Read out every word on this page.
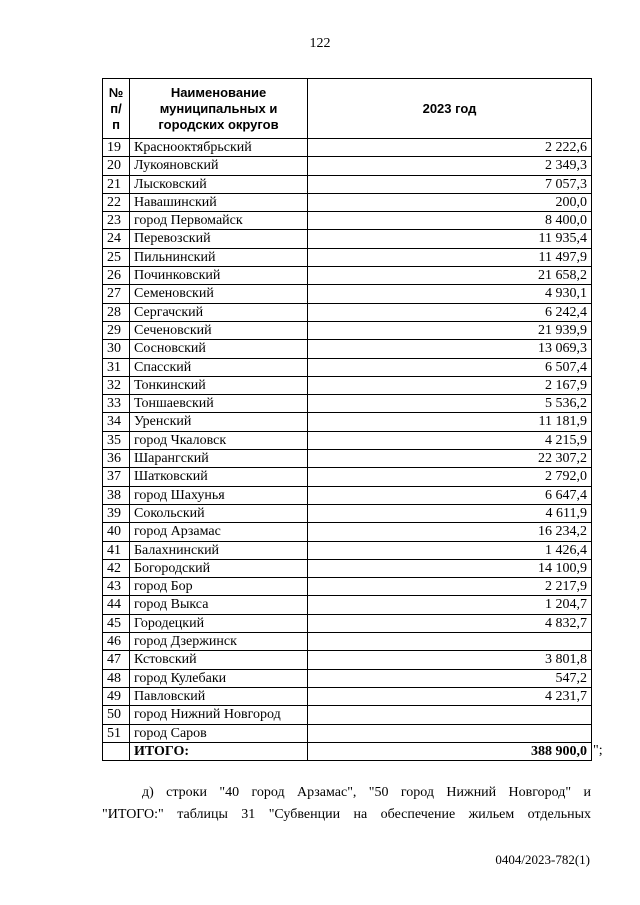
122
№ п/п	Наименование муниципальных и городских округов	2023 год
19	Краснооктябрьский	2 222,6
20	Лукояновский	2 349,3
21	Лысковский	7 057,3
22	Навашинский	200,0
23	город Первомайск	8 400,0
24	Перевозский	11 935,4
25	Пильнинский	11 497,9
26	Починковский	21 658,2
27	Семеновский	4 930,1
28	Сергачский	6 242,4
29	Сеченовский	21 939,9
30	Сосновский	13 069,3
31	Спасский	6 507,4
32	Тонкинский	2 167,9
33	Тоншаевский	5 536,2
34	Уренский	11 181,9
35	город Чкаловск	4 215,9
36	Шарангский	22 307,2
37	Шатковский	2 792,0
38	город Шахунья	6 647,4
39	Сокольский	4 611,9
40	город Арзамас	16 234,2
41	Балахнинский	1 426,4
42	Богородский	14 100,9
43	город Бор	2 217,9
44	город Выкса	1 204,7
45	Городецкий	4 832,7
46	город Дзержинск	
47	Кстовский	3 801,8
48	город Кулебаки	547,2
49	Павловский	4 231,7
50	город Нижний Новгород	
51	город Саров	
	ИТОГО:	388 900,0 ";
д) строки "40 город Арзамас", "50 город Нижний Новгород" и
"ИТОГО:" таблицы 31 "Субвенции на обеспечение жильем отдельных
0404/2023-782(1)
